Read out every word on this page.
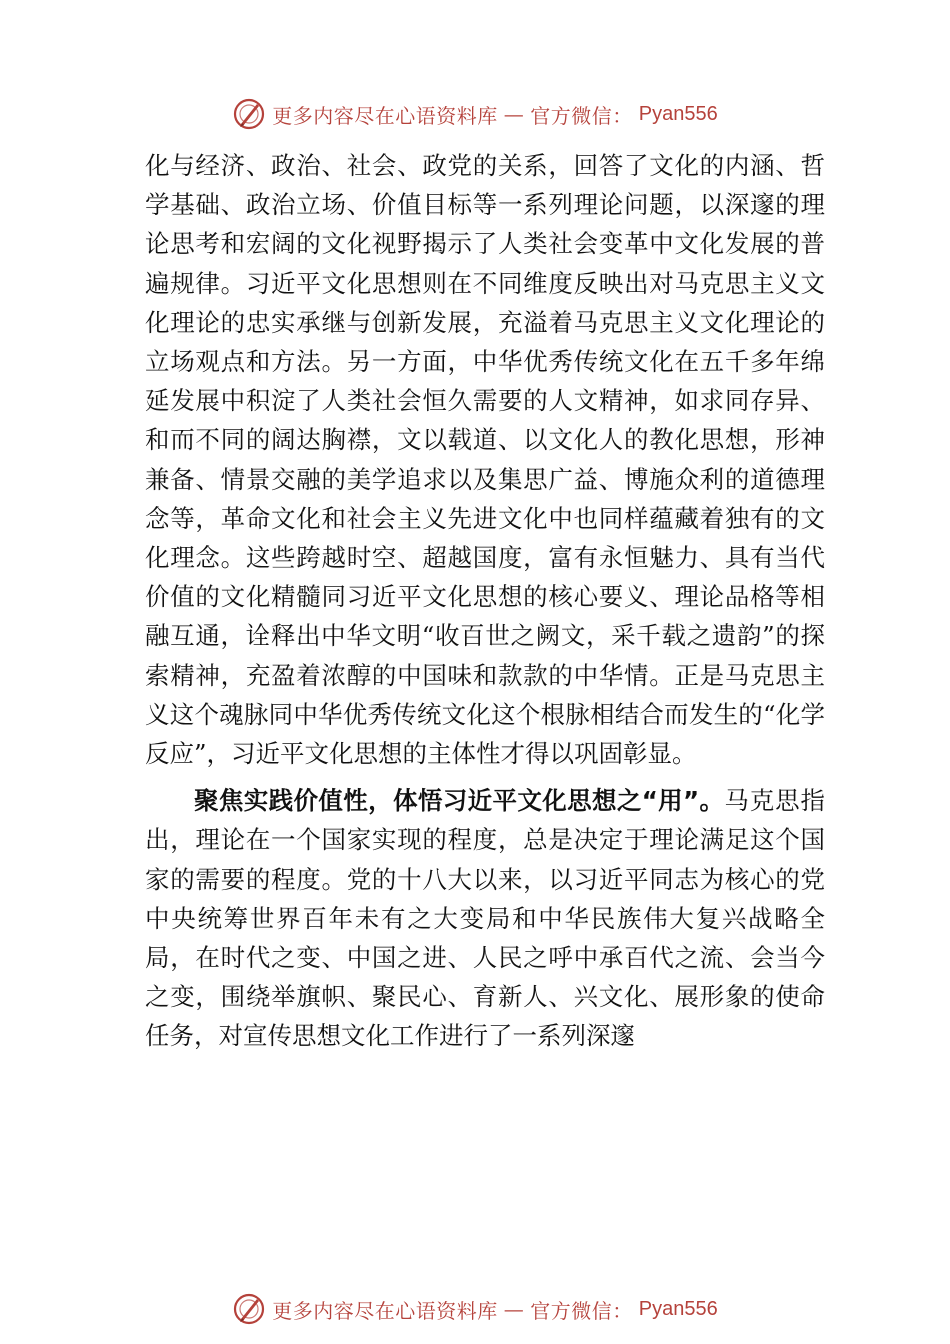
更多内容尽在心语资料库 — 官方微信： Pyan556

化与经济、政治、社会、政党的关系，回答了文化的内涵、哲学基础、政治立场、价值目标等一系列理论问题，以深邃的理论思考和宏阔的文化视野揭示了人类社会变革中文化发展的普遍规律。习近平文化思想则在不同维度反映出对马克思主义文化理论的忠实承继与创新发展，充溢着马克思主义文化理论的立场观点和方法。另一方面，中华优秀传统文化在五千多年绵延发展中积淀了人类社会恒久需要的人文精神，如求同存异、和而不同的阔达胸襟，文以载道、以文化人的教化思想，形神兼备、情景交融的美学追求以及集思广益、博施众利的道德理念等，革命文化和社会主义先进文化中也同样蕴藏着独有的文化理念。这些跨越时空、超越国度，富有永恒魅力、具有当代价值的文化精髓同习近平文化思想的核心要义、理论品格等相融互通，诠释出中华文明“收百世之阙文，采千载之遗韵”的探索精神，充盈着浓醇的中国味和款款的中华情。正是马克思主义这个魂脉同中华优秀传统文化这个根脉相结合而发生的“化学反应”，习近平文化思想的主体性才得以巩固彰显。

聚焦实践价值性，体悟习近平文化思想之“用”。马克思指出，理论在一个国家实现的程度，总是决定于理论满足这个国家的需要的程度。党的十八大以来，以习近平同志为核心的党中央统筹世界百年未有之大变局和中华民族伟大复兴战略全局，在时代之变、中国之进、人民之呼中承百代之流、会当今之变，围绕举旗帜、聚民心、育新人、兴文化、展形象的使命任务，对宣传思想文化工作进行了一系列深邃

更多内容尽在心语资料库 — 官方微信： Pyan556
